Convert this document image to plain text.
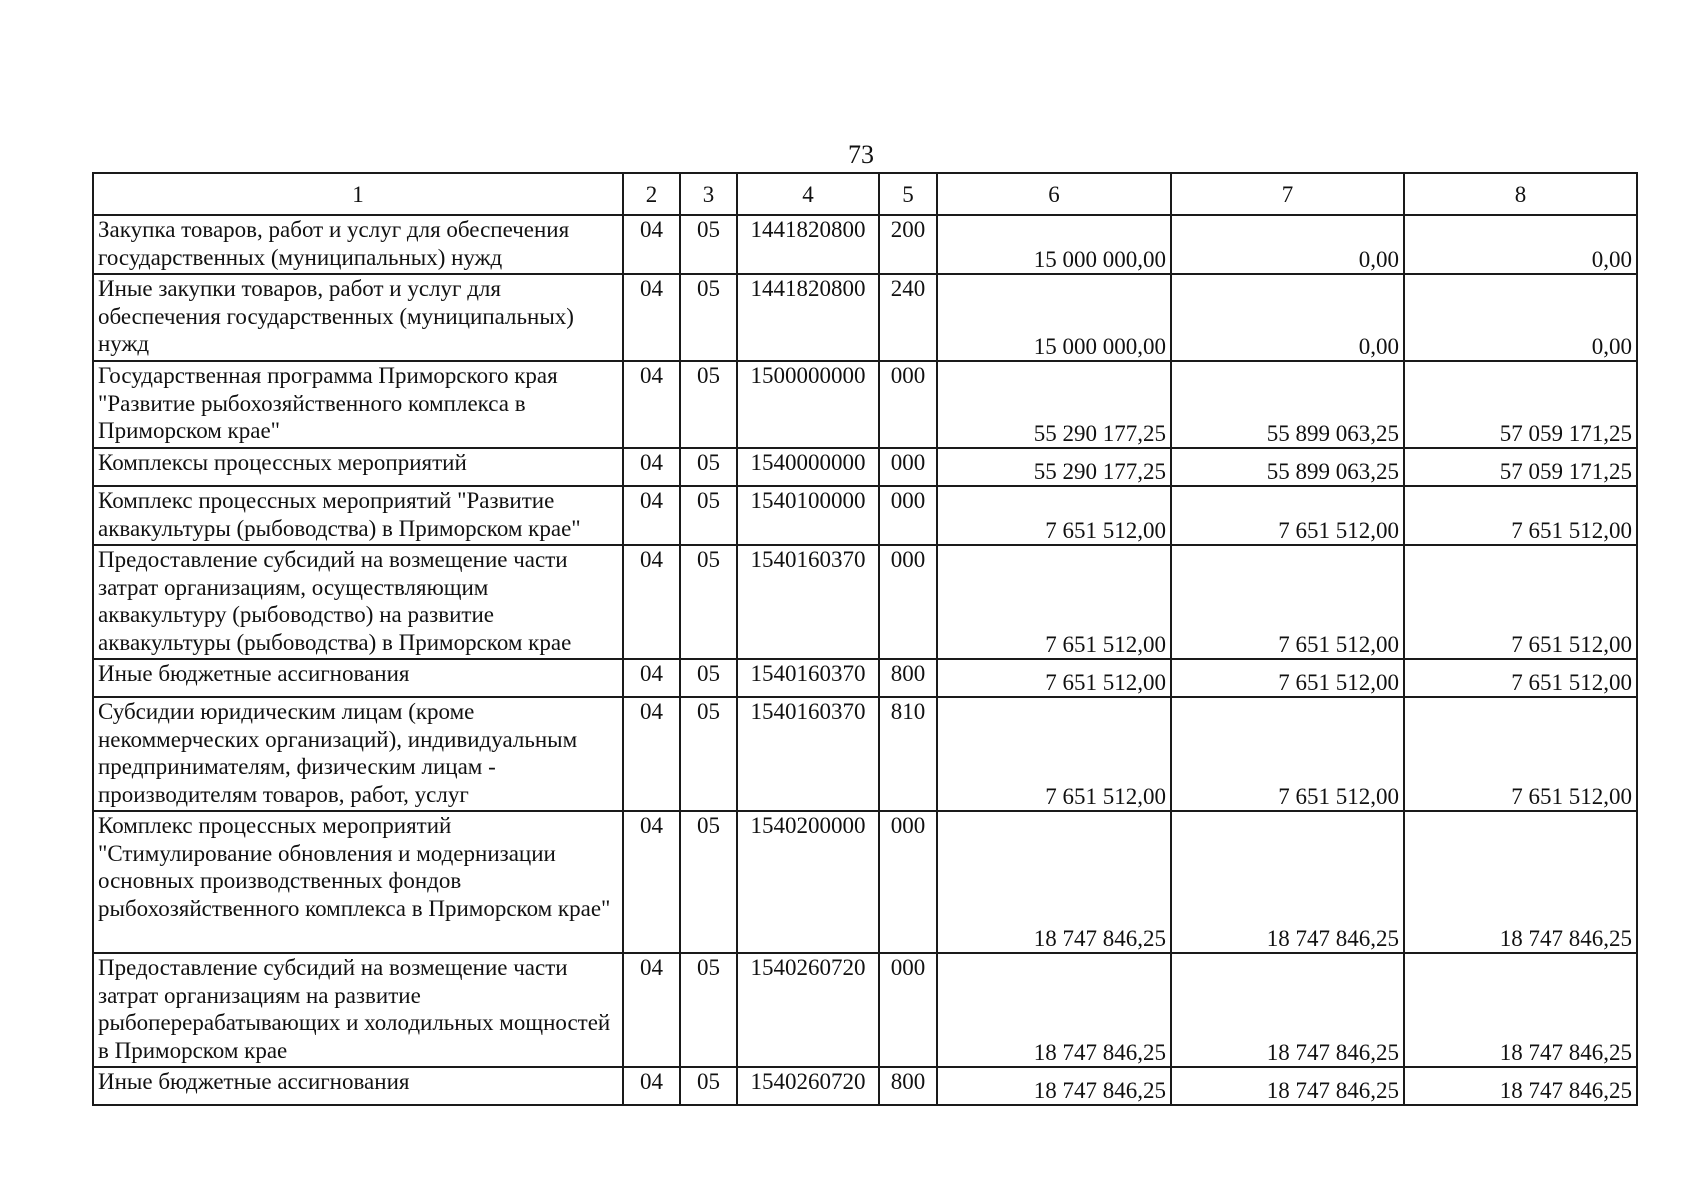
73
1	2	3	4	5	6	7	8
Закупка товаров, работ и услуг для обеспечения государственных (муниципальных) нужд	04	05	1441820800	200	15 000 000,00	0,00	0,00
Иные закупки товаров, работ и услуг для обеспечения государственных (муниципальных) нужд	04	05	1441820800	240	15 000 000,00	0,00	0,00
Государственная программа Приморского края "Развитие рыбохозяйственного комплекса в Приморском крае"	04	05	1500000000	000	55 290 177,25	55 899 063,25	57 059 171,25
Комплексы процессных мероприятий	04	05	1540000000	000	55 290 177,25	55 899 063,25	57 059 171,25
Комплекс процессных мероприятий "Развитие аквакультуры (рыбоводства) в Приморском крае"	04	05	1540100000	000	7 651 512,00	7 651 512,00	7 651 512,00
Предоставление субсидий на возмещение части затрат организациям, осуществляющим аквакультуру (рыбоводство) на развитие аквакультуры (рыбоводства) в Приморском крае	04	05	1540160370	000	7 651 512,00	7 651 512,00	7 651 512,00
Иные бюджетные ассигнования	04	05	1540160370	800	7 651 512,00	7 651 512,00	7 651 512,00
Субсидии юридическим лицам (кроме некоммерческих организаций), индивидуальным предпринимателям, физическим лицам - производителям товаров, работ, услуг	04	05	1540160370	810	7 651 512,00	7 651 512,00	7 651 512,00
Комплекс процессных мероприятий "Стимулирование обновления и модернизации основных производственных фондов рыбохозяйственного комплекса в Приморском крае"	04	05	1540200000	000	18 747 846,25	18 747 846,25	18 747 846,25
Предоставление субсидий на возмещение части затрат организациям на развитие рыбоперерабатывающих и холодильных мощностей в Приморском крае	04	05	1540260720	000	18 747 846,25	18 747 846,25	18 747 846,25
Иные бюджетные ассигнования	04	05	1540260720	800	18 747 846,25	18 747 846,25	18 747 846,25
